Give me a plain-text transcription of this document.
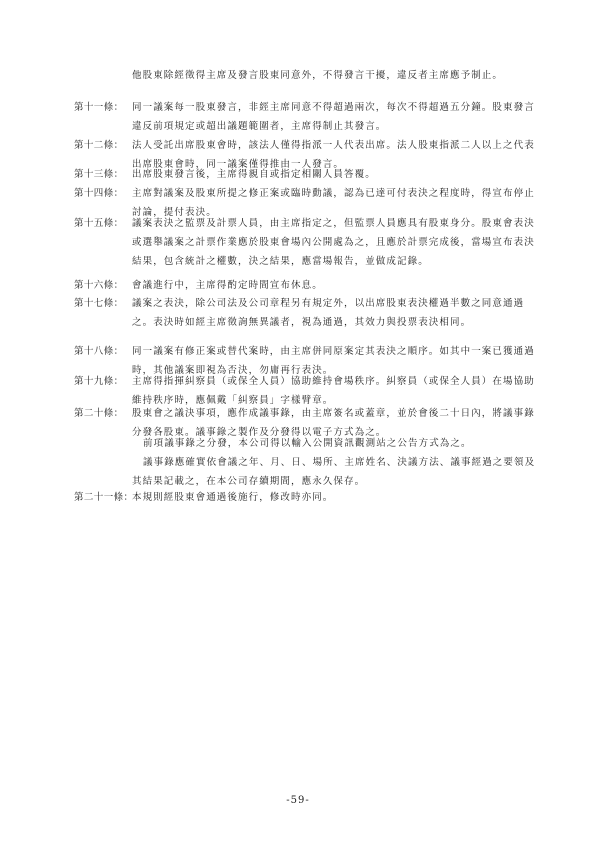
他股東除經徵得主席及發言股東同意外，不得發言干擾，違反者主席應予制止。
第十一條： 同一議案每一股東發言，非經主席同意不得超過兩次，每次不得超過五分鐘。股東發言違反前項規定或超出議題範圍者，主席得制止其發言。
第十二條： 法人受託出席股東會時，該法人僅得指派一人代表出席。法人股東指派二人以上之代表出席股東會時，同一議案僅得推由一人發言。
第十三條： 出席股東發言後，主席得親自或指定相關人員答覆。
第十四條： 主席對議案及股東所提之修正案或臨時動議，認為已達可付表決之程度時，得宣布停止討論，提付表決。
第十五條： 議案表決之監票及計票人員，由主席指定之，但監票人員應具有股東身分。股東會表決或選舉議案之計票作業應於股東會場內公開處為之，且應於計票完成後，當場宣布表決結果，包含統計之權數，決之結果，應當場報告，並做成記錄。
第十六條： 會議進行中，主席得酌定時間宣布休息。
第十七條： 議案之表決，除公司法及公司章程另有規定外，以出席股東表決權過半數之同意通過之。表決時如經主席徵詢無異議者，視為通過，其效力與投票表決相同。
第十八條： 同一議案有修正案或替代案時，由主席併同原案定其表決之順序。如其中一案已獲通過時，其他議案即視為否決，勿庸再行表決。
第十九條： 主席得指揮糾察員（或保全人員）協助維持會場秩序。糾察員（或保全人員）在場協助維持秩序時，應佩戴「糾察員」字樣臂章。
第二十條： 股東會之議決事項，應作成議事錄，由主席簽名或蓋章，並於會後二十日內，將議事錄分發各股東。議事錄之製作及分發得以電子方式為之。
前項議事錄之分發，本公司得以輸入公開資訊觀測站之公告方式為之。
議事錄應確實依會議之年、月、日、場所、主席姓名、決議方法、議事經過之要領及其結果記載之，在本公司存續期間，應永久保存。
第二十一條：
本規則經股東會通過後施行，修改時亦同。
-59-
